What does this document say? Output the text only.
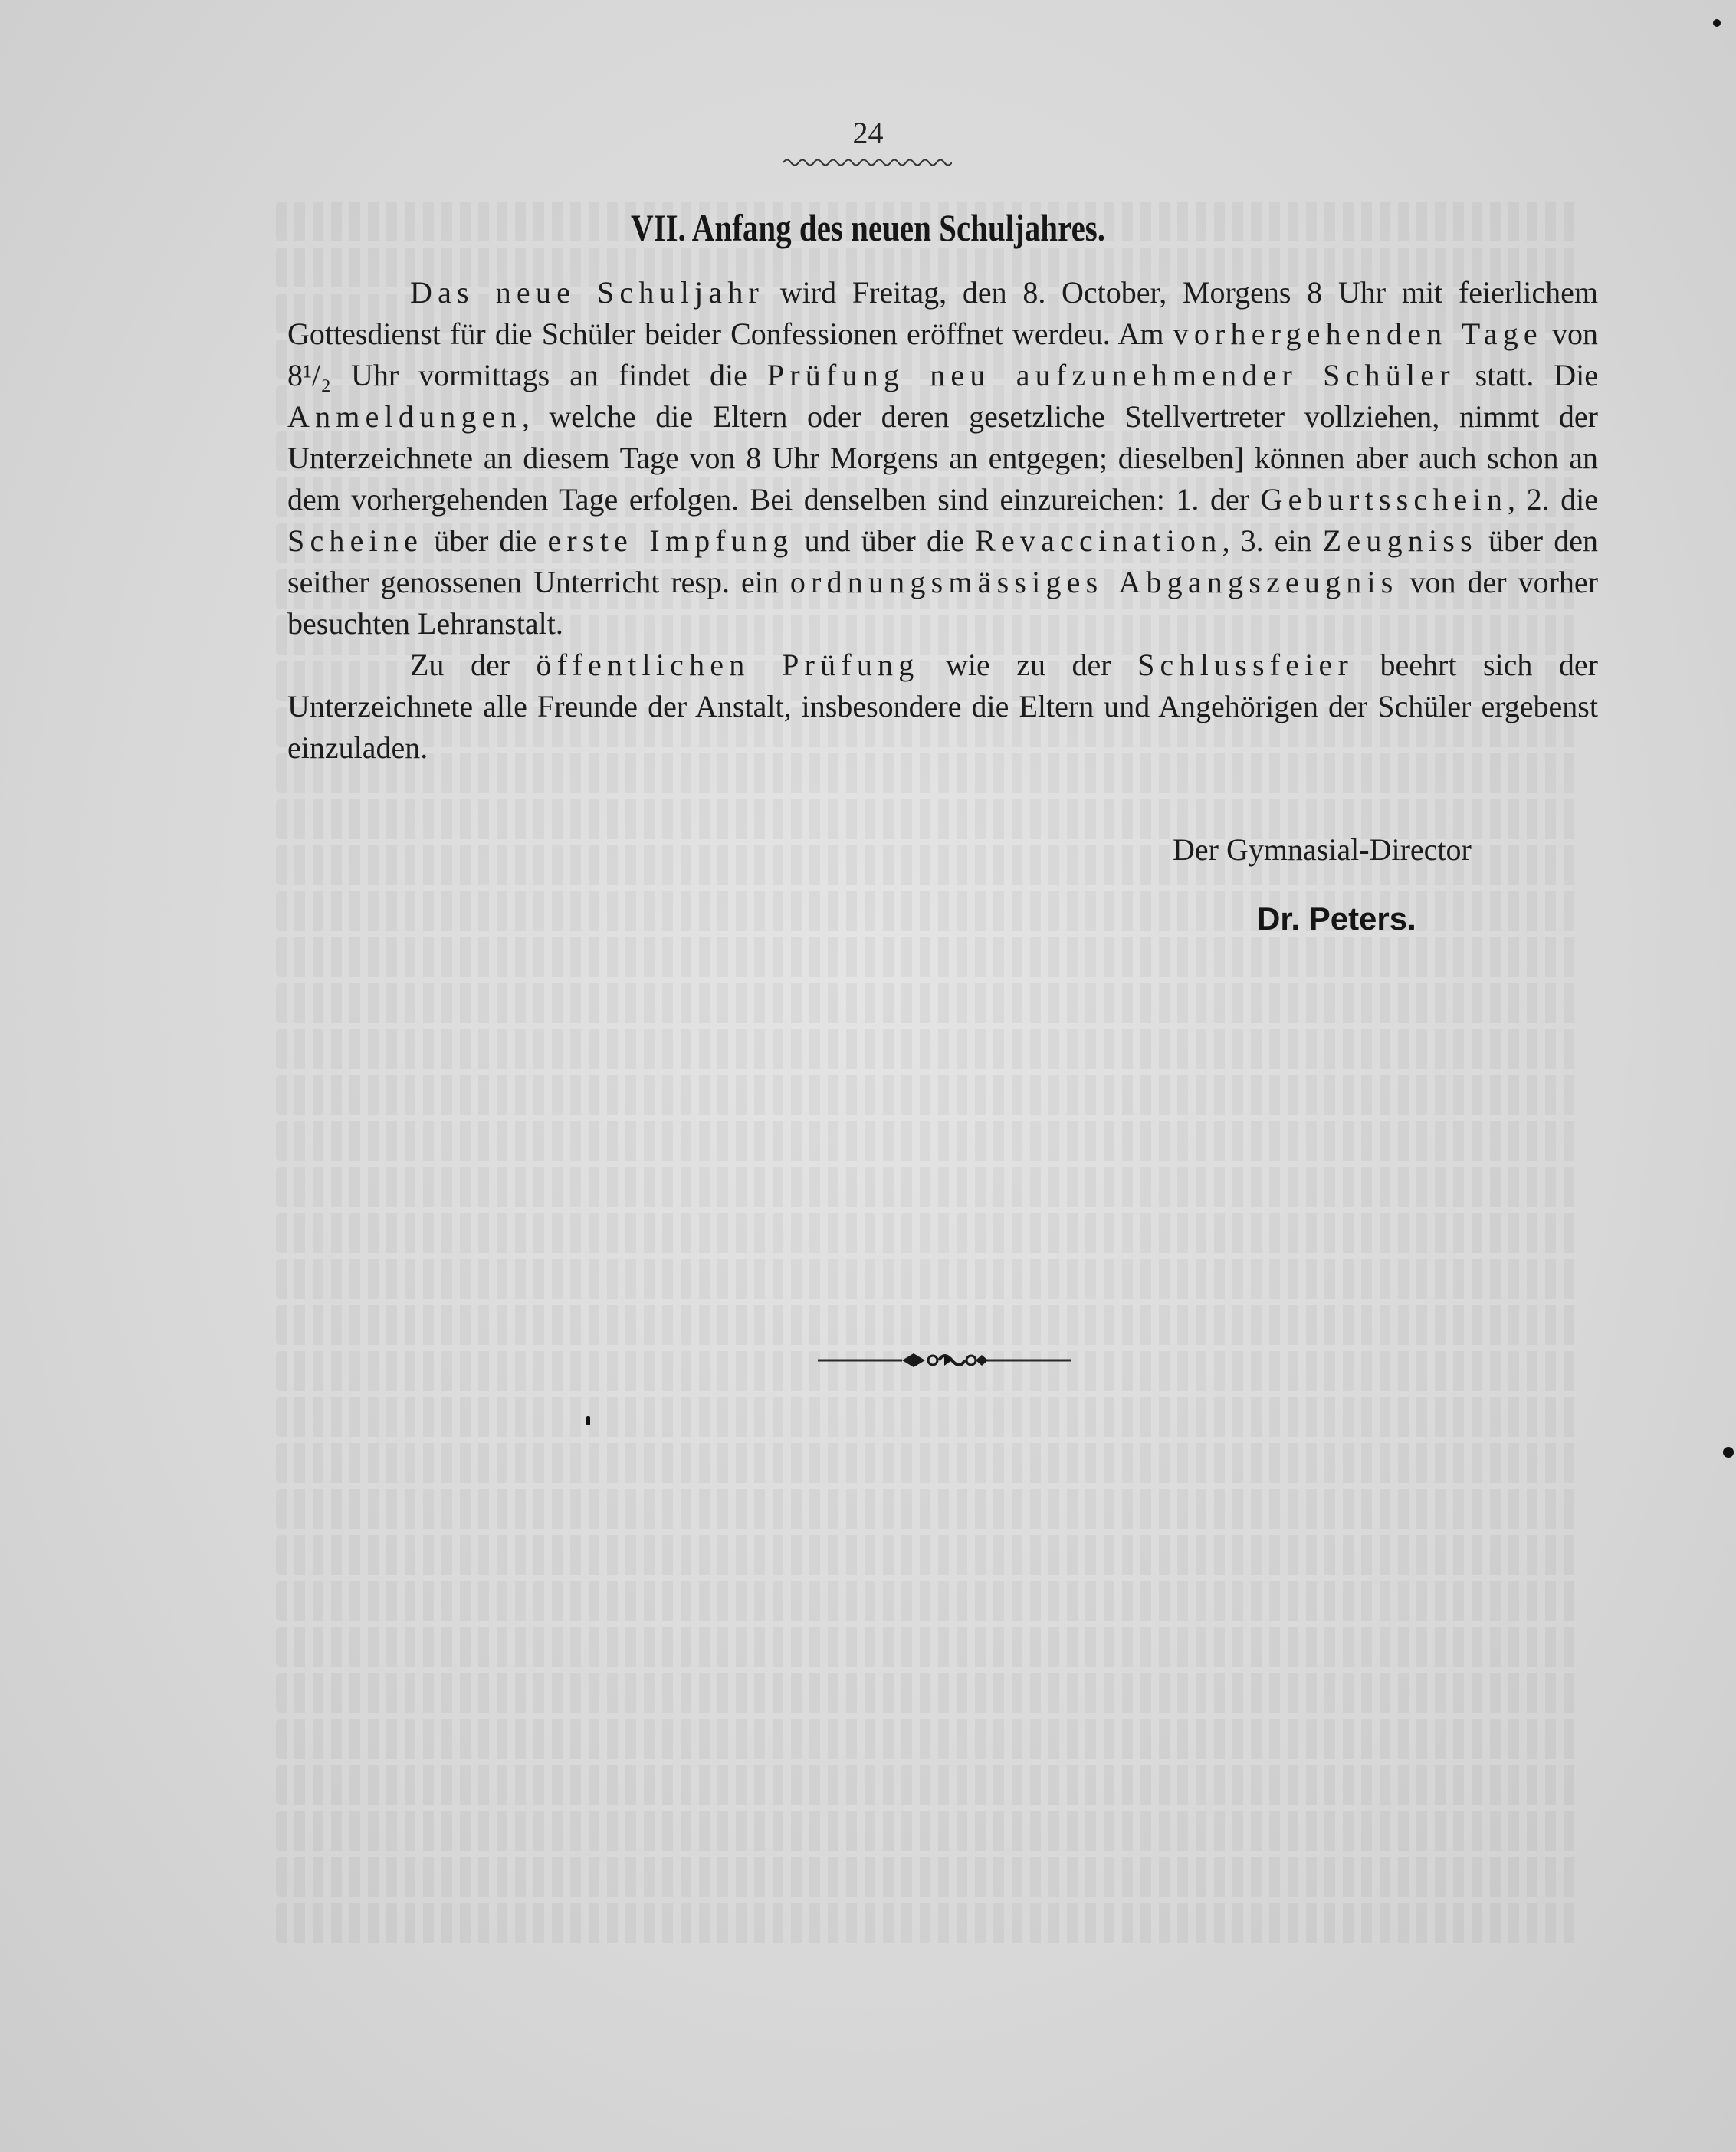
24
VII. Anfang des neuen Schuljahres.

Das neue Schuljahr wird Freitag, den 8. October, Morgens 8 Uhr mit feierlichem Gottesdienst für die Schüler beider Confessionen eröffnet werdeu. Am vorhergehenden Tage von 8¹/₂ Uhr vormittags an findet die Prüfung neu aufzunehmender Schüler statt. Die Anmeldungen, welche die Eltern oder deren gesetzliche Stellvertreter vollziehen, nimmt der Unterzeichnete an diesem Tage von 8 Uhr Morgens an entgegen; dieselben] können aber auch schon an dem vorhergehenden Tage erfolgen. Bei denselben sind einzureichen: 1. der Geburtsschein, 2. die Scheine über die erste Impfung und über die Revaccination, 3. ein Zeugniss über den seither genossenen Unterricht resp. ein ordnungsmässiges Abgangszeugnis von der vorher besuchten Lehranstalt.

Zu der öffentlichen Prüfung wie zu der Schlussfeier beehrt sich der Unterzeichnete alle Freunde der Anstalt, insbesondere die Eltern und Angehörigen der Schüler ergebenst einzuladen.

Der Gymnasial-Director
Dr. Peters.
